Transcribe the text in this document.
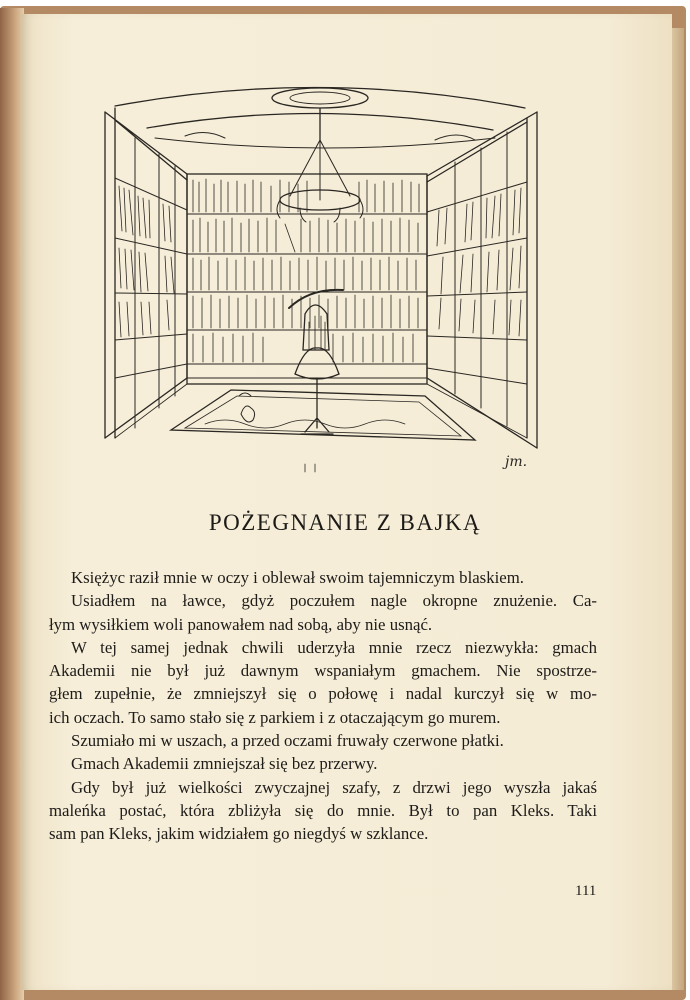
jm.
POŻEGNANIE Z BAJKĄ
Księżyc raził mnie w oczy i oblewał swoim tajemniczym blaskiem.
Usiadłem na ławce, gdyż poczułem nagle okropne znużenie. Ca-
łym wysiłkiem woli panowałem nad sobą, aby nie usnąć.
W tej samej jednak chwili uderzyła mnie rzecz niezwykła: gmach
Akademii nie był już dawnym wspaniałym gmachem. Nie spostrze-
głem zupełnie, że zmniejszył się o połowę i nadal kurczył się w mo-
ich oczach. To samo stało się z parkiem i z otaczającym go murem.
Szumiało mi w uszach, a przed oczami fruwały czerwone płatki.
Gmach Akademii zmniejszał się bez przerwy.
Gdy był już wielkości zwyczajnej szafy, z drzwi jego wyszła jakaś
maleńka postać, która zbliżyła się do mnie. Był to pan Kleks. Taki
sam pan Kleks, jakim widziałem go niegdyś w szklance.
111
